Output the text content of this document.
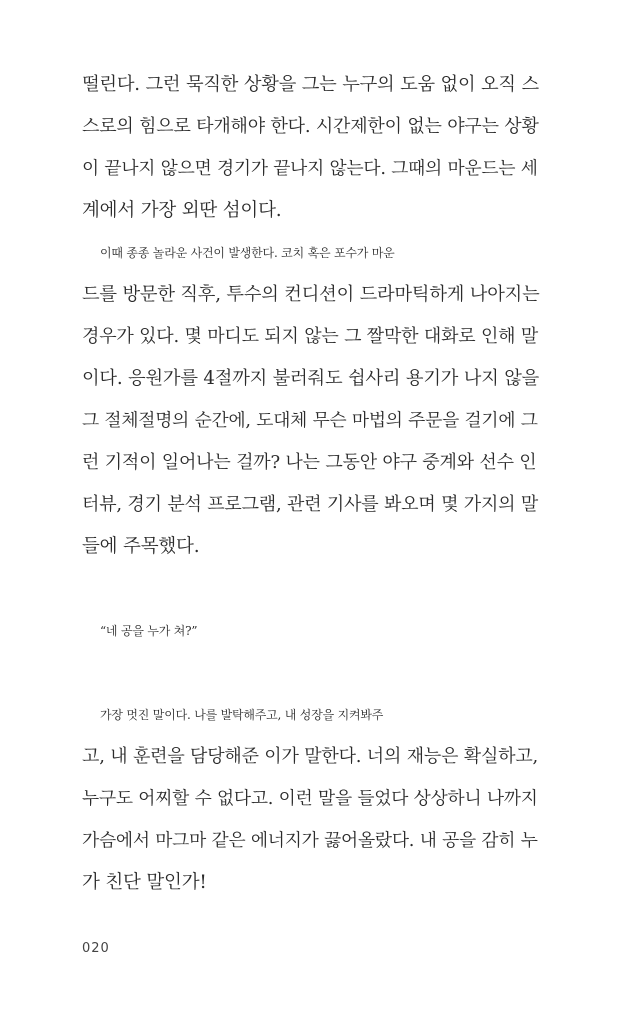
떨린다. 그런 묵직한 상황을 그는 누구의 도움 없이 오직 스
스로의 힘으로 타개해야 한다. 시간제한이 없는 야구는 상황
이 끝나지 않으면 경기가 끝나지 않는다. 그때의 마운드는 세
계에서 가장 외딴 섬이다.
이때 종종 놀라운 사건이 발생한다. 코치 혹은 포수가 마운
드를 방문한 직후, 투수의 컨디션이 드라마틱하게 나아지는
경우가 있다. 몇 마디도 되지 않는 그 짤막한 대화로 인해 말
이다. 응원가를 4절까지 불러줘도 쉽사리 용기가 나지 않을
그 절체절명의 순간에, 도대체 무슨 마법의 주문을 걸기에 그
런 기적이 일어나는 걸까? 나는 그동안 야구 중계와 선수 인
터뷰, 경기 분석 프로그램, 관련 기사를 봐오며 몇 가지의 말
들에 주목했다.
“네 공을 누가 쳐?”
가장 멋진 말이다. 나를 발탁해주고, 내 성장을 지켜봐주
고, 내 훈련을 담당해준 이가 말한다. 너의 재능은 확실하고,
누구도 어찌할 수 없다고. 이런 말을 들었다 상상하니 나까지
가슴에서 마그마 같은 에너지가 끓어올랐다. 내 공을 감히 누
가 친단 말인가!
020
